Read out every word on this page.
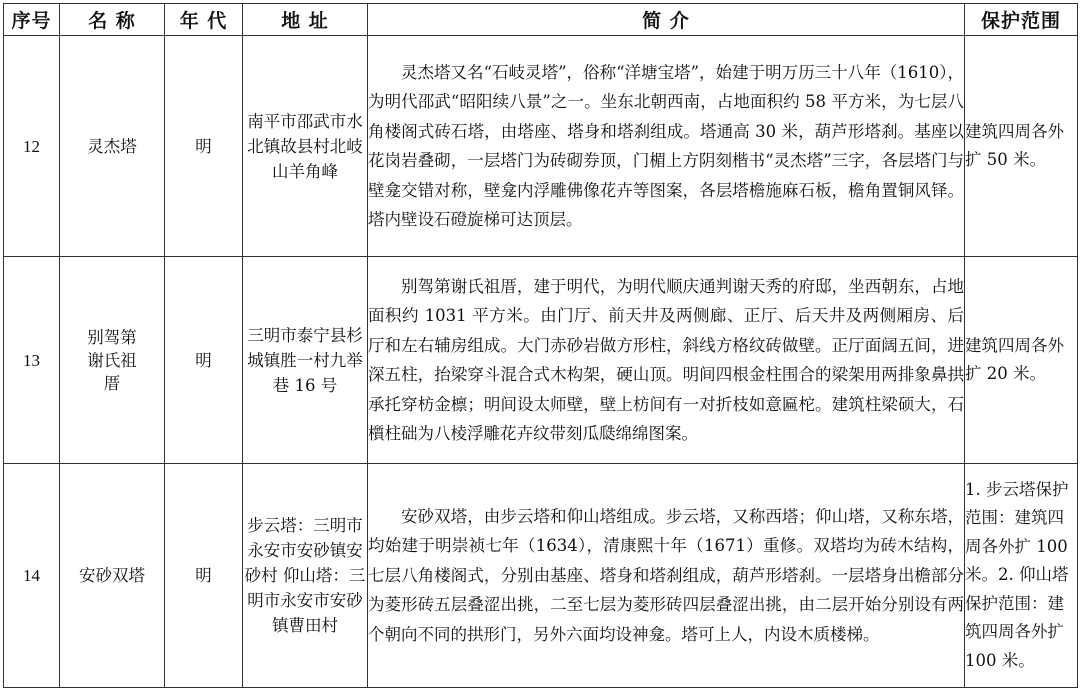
序号	名 称	年 代	地 址	简 介	保护范围
12	灵杰塔	明	南平市邵武市水北镇故县村北岐山羊角峰	灵杰塔又名“石岐灵塔”，俗称“洋塘宝塔”，始建于明万历三十八年（1610），为明代邵武“昭阳续八景”之一。坐东北朝西南，占地面积约 58 平方米，为七层八角楼阁式砖石塔，由塔座、塔身和塔刹组成。塔通高 30 米，葫芦形塔刹。基座以花岗岩叠砌，一层塔门为砖砌券顶，门楣上方阴刻楷书“灵杰塔”三字，各层塔门与壁龛交错对称，壁龛内浮雕佛像花卉等图案，各层塔檐施麻石板，檐角置铜风铎。塔内壁设石磴旋梯可达顶层。	建筑四周各外扩 50 米。
13	别驾第谢氏祖厝	明	三明市泰宁县杉城镇胜一村九举巷 16 号	别驾第谢氏祖厝，建于明代，为明代顺庆通判谢天秀的府邸，坐西朝东，占地面积约 1031 平方米。由门厅、前天井及两侧廊、正厅、后天井及两侧厢房、后厅和左右辅房组成。大门赤砂岩做方形柱，斜线方格纹砖做壁。正厅面阔五间，进深五柱，抬梁穿斗混合式木构架，硬山顶。明间四根金柱围合的梁架用两排象鼻拱承托穿枋金檩；明间设太师壁，壁上枋间有一对折枝如意匾柁。建筑柱梁硕大，石櫍柱础为八棱浮雕花卉纹带刻瓜瓞绵绵图案。	建筑四周各外扩 20 米。
14	安砂双塔	明	步云塔：三明市永安市安砂镇安砂村 仰山塔：三明市永安市安砂镇曹田村	安砂双塔，由步云塔和仰山塔组成。步云塔，又称西塔；仰山塔，又称东塔，均始建于明崇祯七年（1634），清康熙十年（1671）重修。双塔均为砖木结构，七层八角楼阁式，分别由基座、塔身和塔刹组成，葫芦形塔刹。一层塔身出檐部分为菱形砖五层叠涩出挑，二至七层为菱形砖四层叠涩出挑，由二层开始分别设有两个朝向不同的拱形门，另外六面均设神龛。塔可上人，内设木质楼梯。	1. 步云塔保护范围：建筑四周各外扩 100 米。2. 仰山塔保护范围：建筑四周各外扩 100 米。
